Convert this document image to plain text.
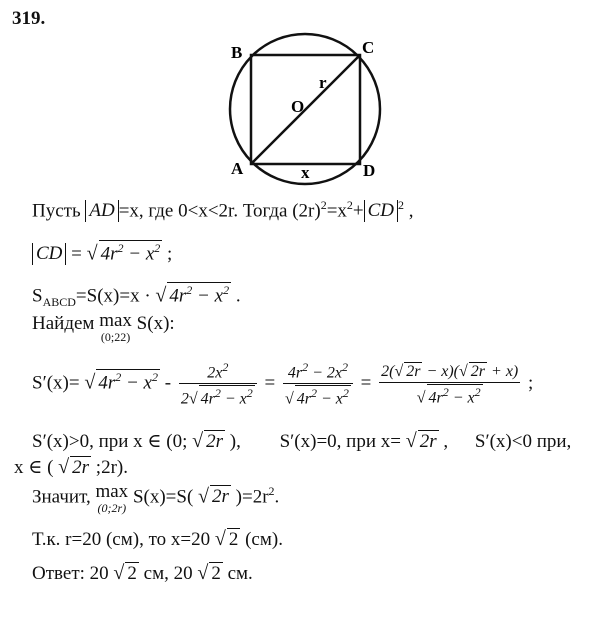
319.
B	C
A	D
O
r
x
Пусть AD =x, где 0<x<2r. Тогда $(2r)^2=x^2+$ CD $^2$ ,
CD = √ $4r^2 - x^2$ ;
$S_{ABCD}=S(x)=x$ · √ $4r^2 - x^2$ .
Найдем max
(0;22)
S(x):
S′(x)= √ $4r^2 - x^2 - \frac{2x^2}{2√ 4r^2 - x^2} = \frac{4r^2 - 2x^2}{√ 4r^2 - x^2} = \frac{2(√ 2r - x)(√ 2r + x)}{√ 4r^2 - x^2}$ ;
S′(x)>0, при x ∈ (0; √ 2r ), S′(x)=0, при x= √ 2r , S′(x)<0 при,
x ∈ ( √ 2r ;2r).
Значит, max
(0;2r)
S(x)=S( √ 2r )$=2r^2$.
Т.к. r=20 (см), то x=20 √ 2 (см).
Ответ: 20 √ 2 см, 20 √ 2 см.
